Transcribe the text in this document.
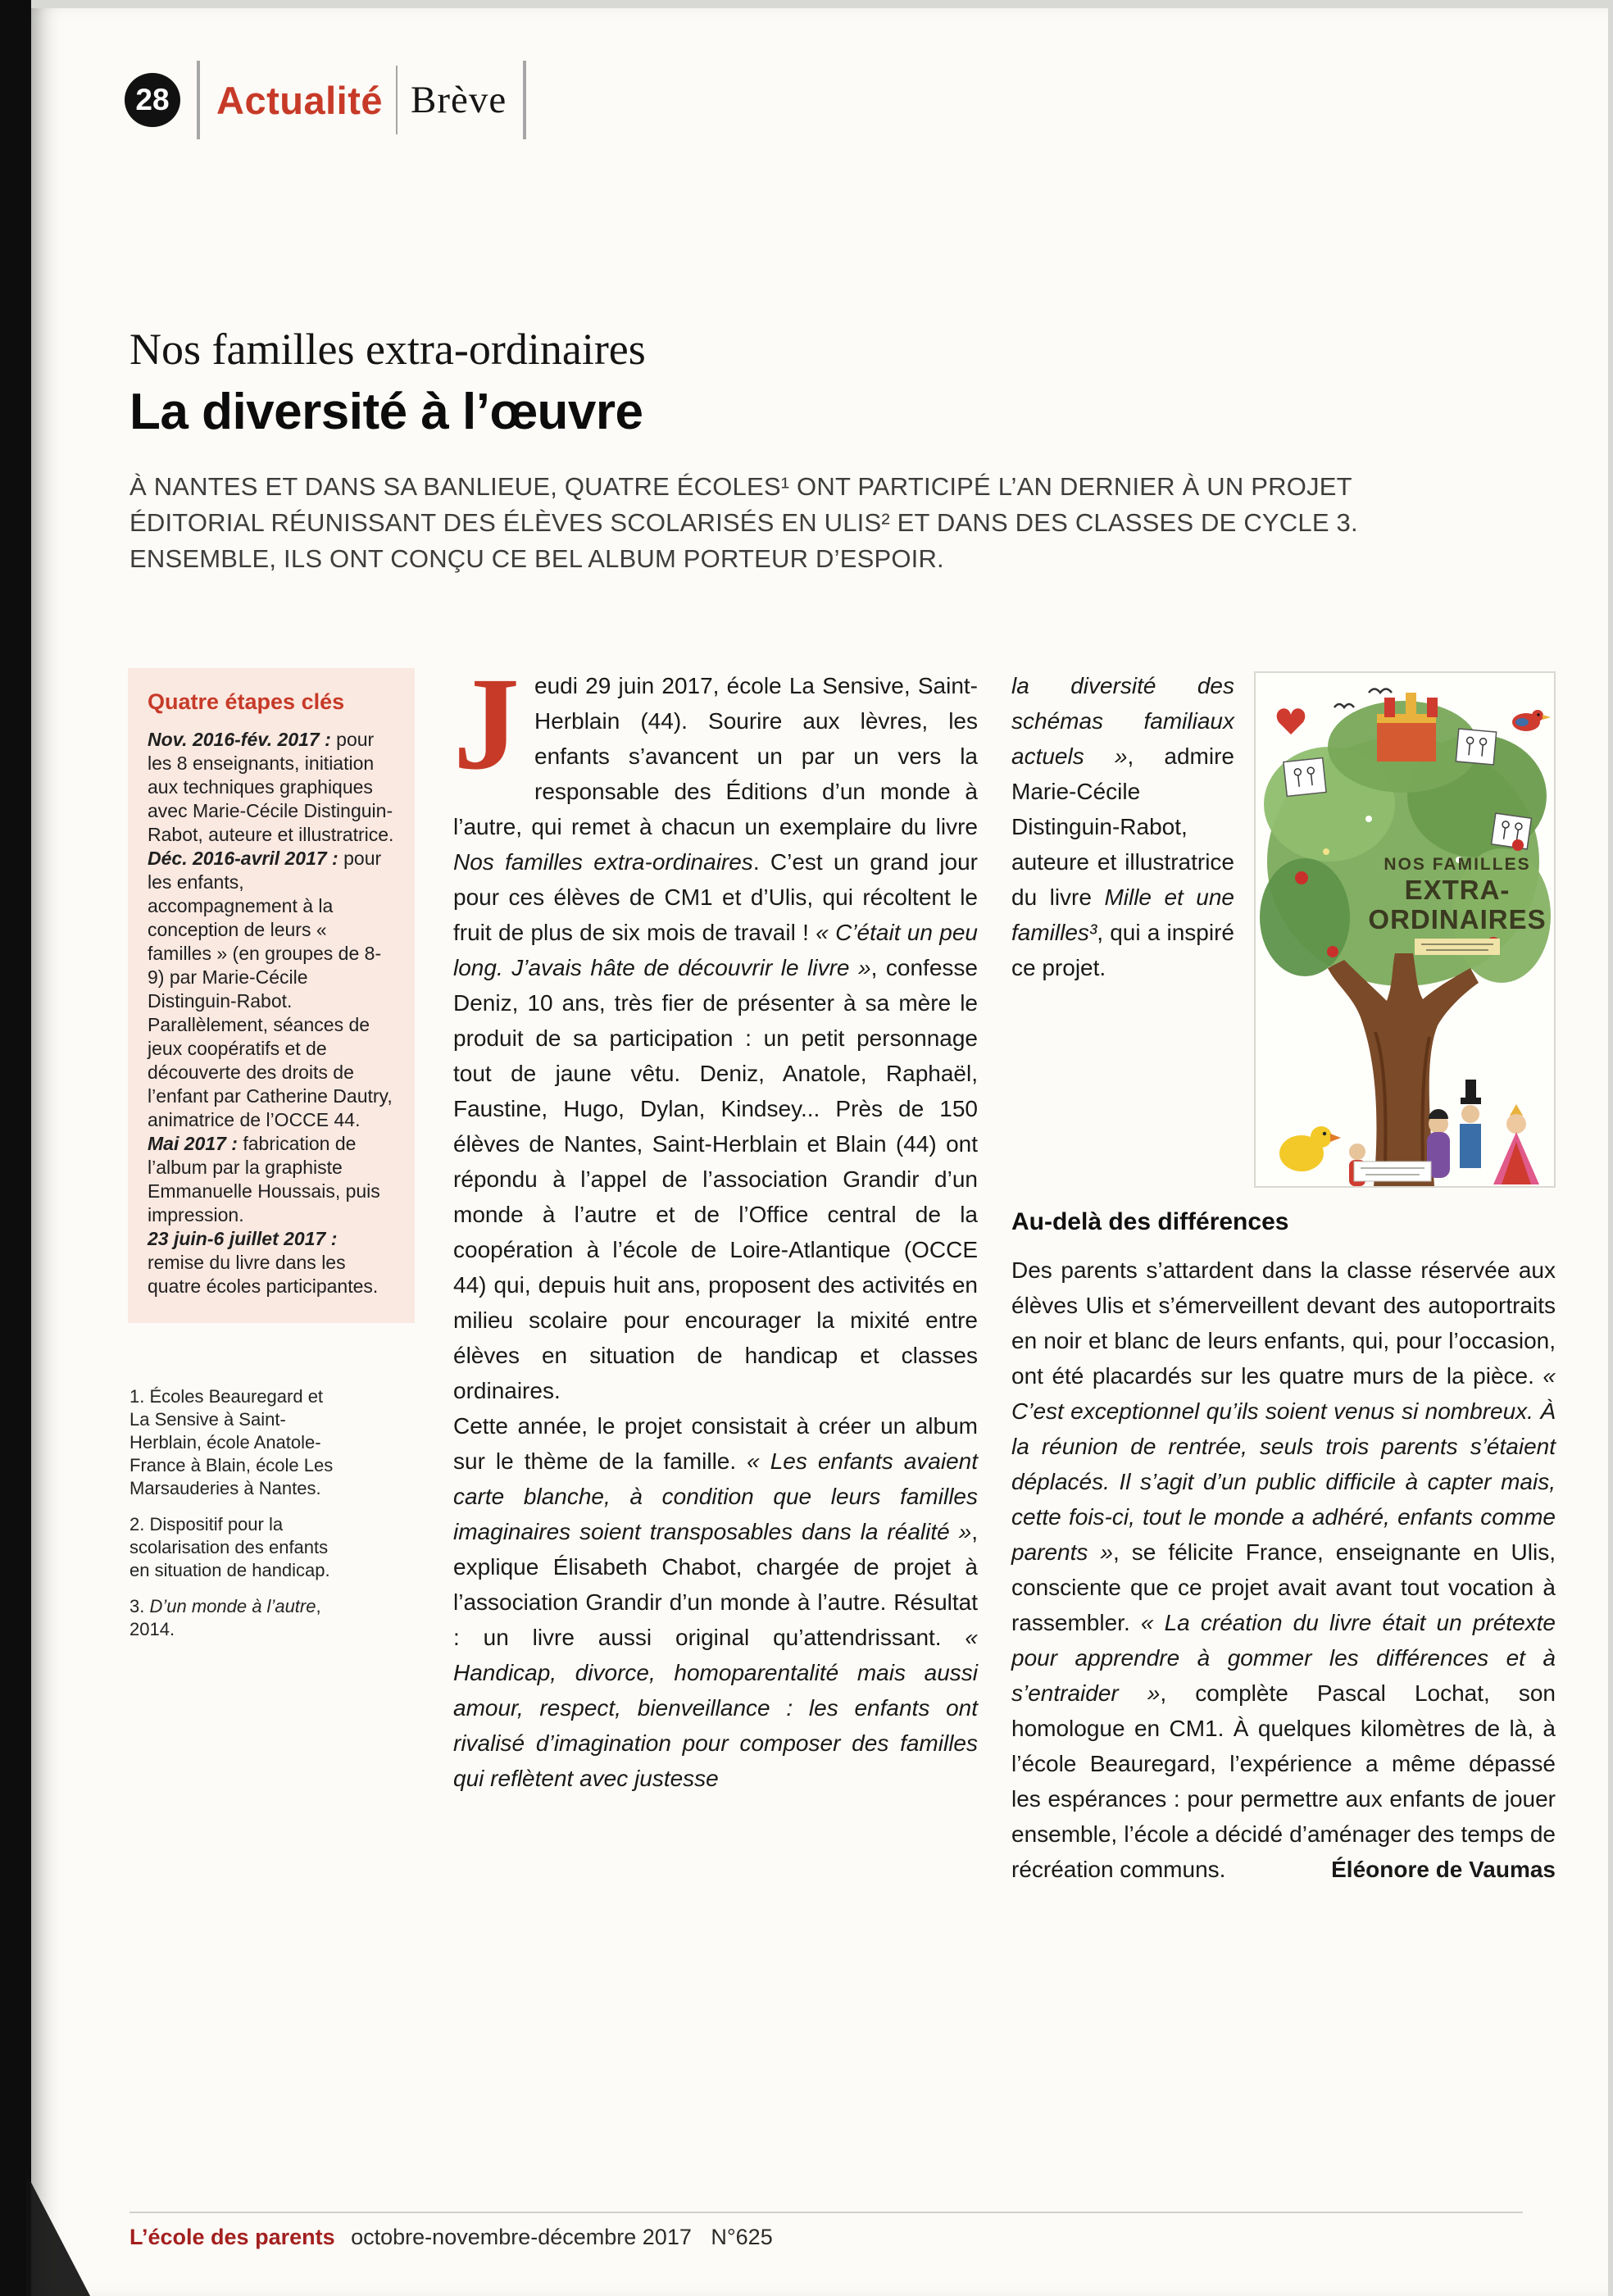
28 Actualité Brève
Nos familles extra-ordinaires
La diversité à l’œuvre

À NANTES ET DANS SA BANLIEUE, QUATRE ÉCOLES¹ ONT PARTICIPÉ L’AN DERNIER À UN PROJET ÉDITORIAL RÉUNISSANT DES ÉLÈVES SCOLARISÉS EN ULIS² ET DANS DES CLASSES DE CYCLE 3. ENSEMBLE, ILS ONT CONÇU CE BEL ALBUM PORTEUR D’ESPOIR.

Quatre étapes clés

Nov. 2016-fév. 2017 : pour les 8 enseignants, initiation aux techniques graphiques avec Marie-Cécile Distinguin-Rabot, auteure et illustratrice.

Déc. 2016-avril 2017 : pour les enfants, accompagnement à la conception de leurs « familles » (en groupes de 8-9) par Marie-Cécile Distinguin-Rabot. Parallèlement, séances de jeux coopératifs et de découverte des droits de l’enfant par Catherine Dautry, animatrice de l’OCCE 44.

Mai 2017 : fabrication de l’album par la graphiste Emmanuelle Houssais, puis impression.

23 juin-6 juillet 2017 : remise du livre dans les quatre écoles participantes.

1. Écoles Beauregard et La Sensive à Saint-Herblain, école Anatole-France à Blain, école Les Marsauderies à Nantes.

2. Dispositif pour la scolarisation des enfants en situation de handicap.

3. D’un monde à l’autre, 2014.

Jeudi 29 juin 2017, école La Sensive, Saint-Herblain (44). Sourire aux lèvres, les enfants s’avancent un par un vers la responsable des Éditions d’un monde à l’autre, qui remet à chacun un exemplaire du livre Nos familles extra-ordinaires. C’est un grand jour pour ces élèves de CM1 et d’Ulis, qui récoltent le fruit de plus de six mois de travail ! « C’était un peu long. J’avais hâte de découvrir le livre », confesse Deniz, 10 ans, très fier de présenter à sa mère le produit de sa participation : un petit personnage tout de jaune vêtu. Deniz, Anatole, Raphaël, Faustine, Hugo, Dylan, Kindsey... Près de 150 élèves de Nantes, Saint-Herblain et Blain (44) ont répondu à l’appel de l’association Grandir d’un monde à l’autre et de l’Office central de la coopération à l’école de Loire-Atlantique (OCCE 44) qui, depuis huit ans, proposent des activités en milieu scolaire pour encourager la mixité entre élèves en situation de handicap et classes ordinaires.

Cette année, le projet consistait à créer un album sur le thème de la famille. « Les enfants avaient carte blanche, à condition que leurs familles imaginaires soient transposables dans la réalité », explique Élisabeth Chabot, chargée de projet à l’association Grandir d’un monde à l’autre. Résultat : un livre aussi original qu’attendrissant. « Handicap, divorce, homoparentalité mais aussi amour, respect, bienveillance : les enfants ont rivalisé d’imagination pour composer des familles qui reflètent avec justesse

NOS FAMILLES
EXTRA-
ORDINAIRES

la diversité des schémas familiaux actuels », admire Marie-Cécile Distinguin-Rabot, auteure et illustratrice du livre Mille et une familles³, qui a inspiré ce projet.

Au-delà des différences

Des parents s’attardent dans la classe réservée aux élèves Ulis et s’émerveillent devant des autoportraits en noir et blanc de leurs enfants, qui, pour l’occasion, ont été placardés sur les quatre murs de la pièce. « C’est exceptionnel qu’ils soient venus si nombreux. À la réunion de rentrée, seuls trois parents s’étaient déplacés. Il s’agit d’un public difficile à capter mais, cette fois-ci, tout le monde a adhéré, enfants comme parents », se félicite France, enseignante en Ulis, consciente que ce projet avait avant tout vocation à rassembler. « La création du livre était un prétexte pour apprendre à gommer les différences et à s’entraider », complète Pascal Lochat, son homologue en CM1. À quelques kilomètres de là, à l’école Beauregard, l’expérience a même dépassé les espérances : pour permettre aux enfants de jouer ensemble, l’école a décidé d’aménager des temps de récréation communs.	Éléonore de Vaumas

L’école des parents octobre-novembre-décembre 2017 N°625
